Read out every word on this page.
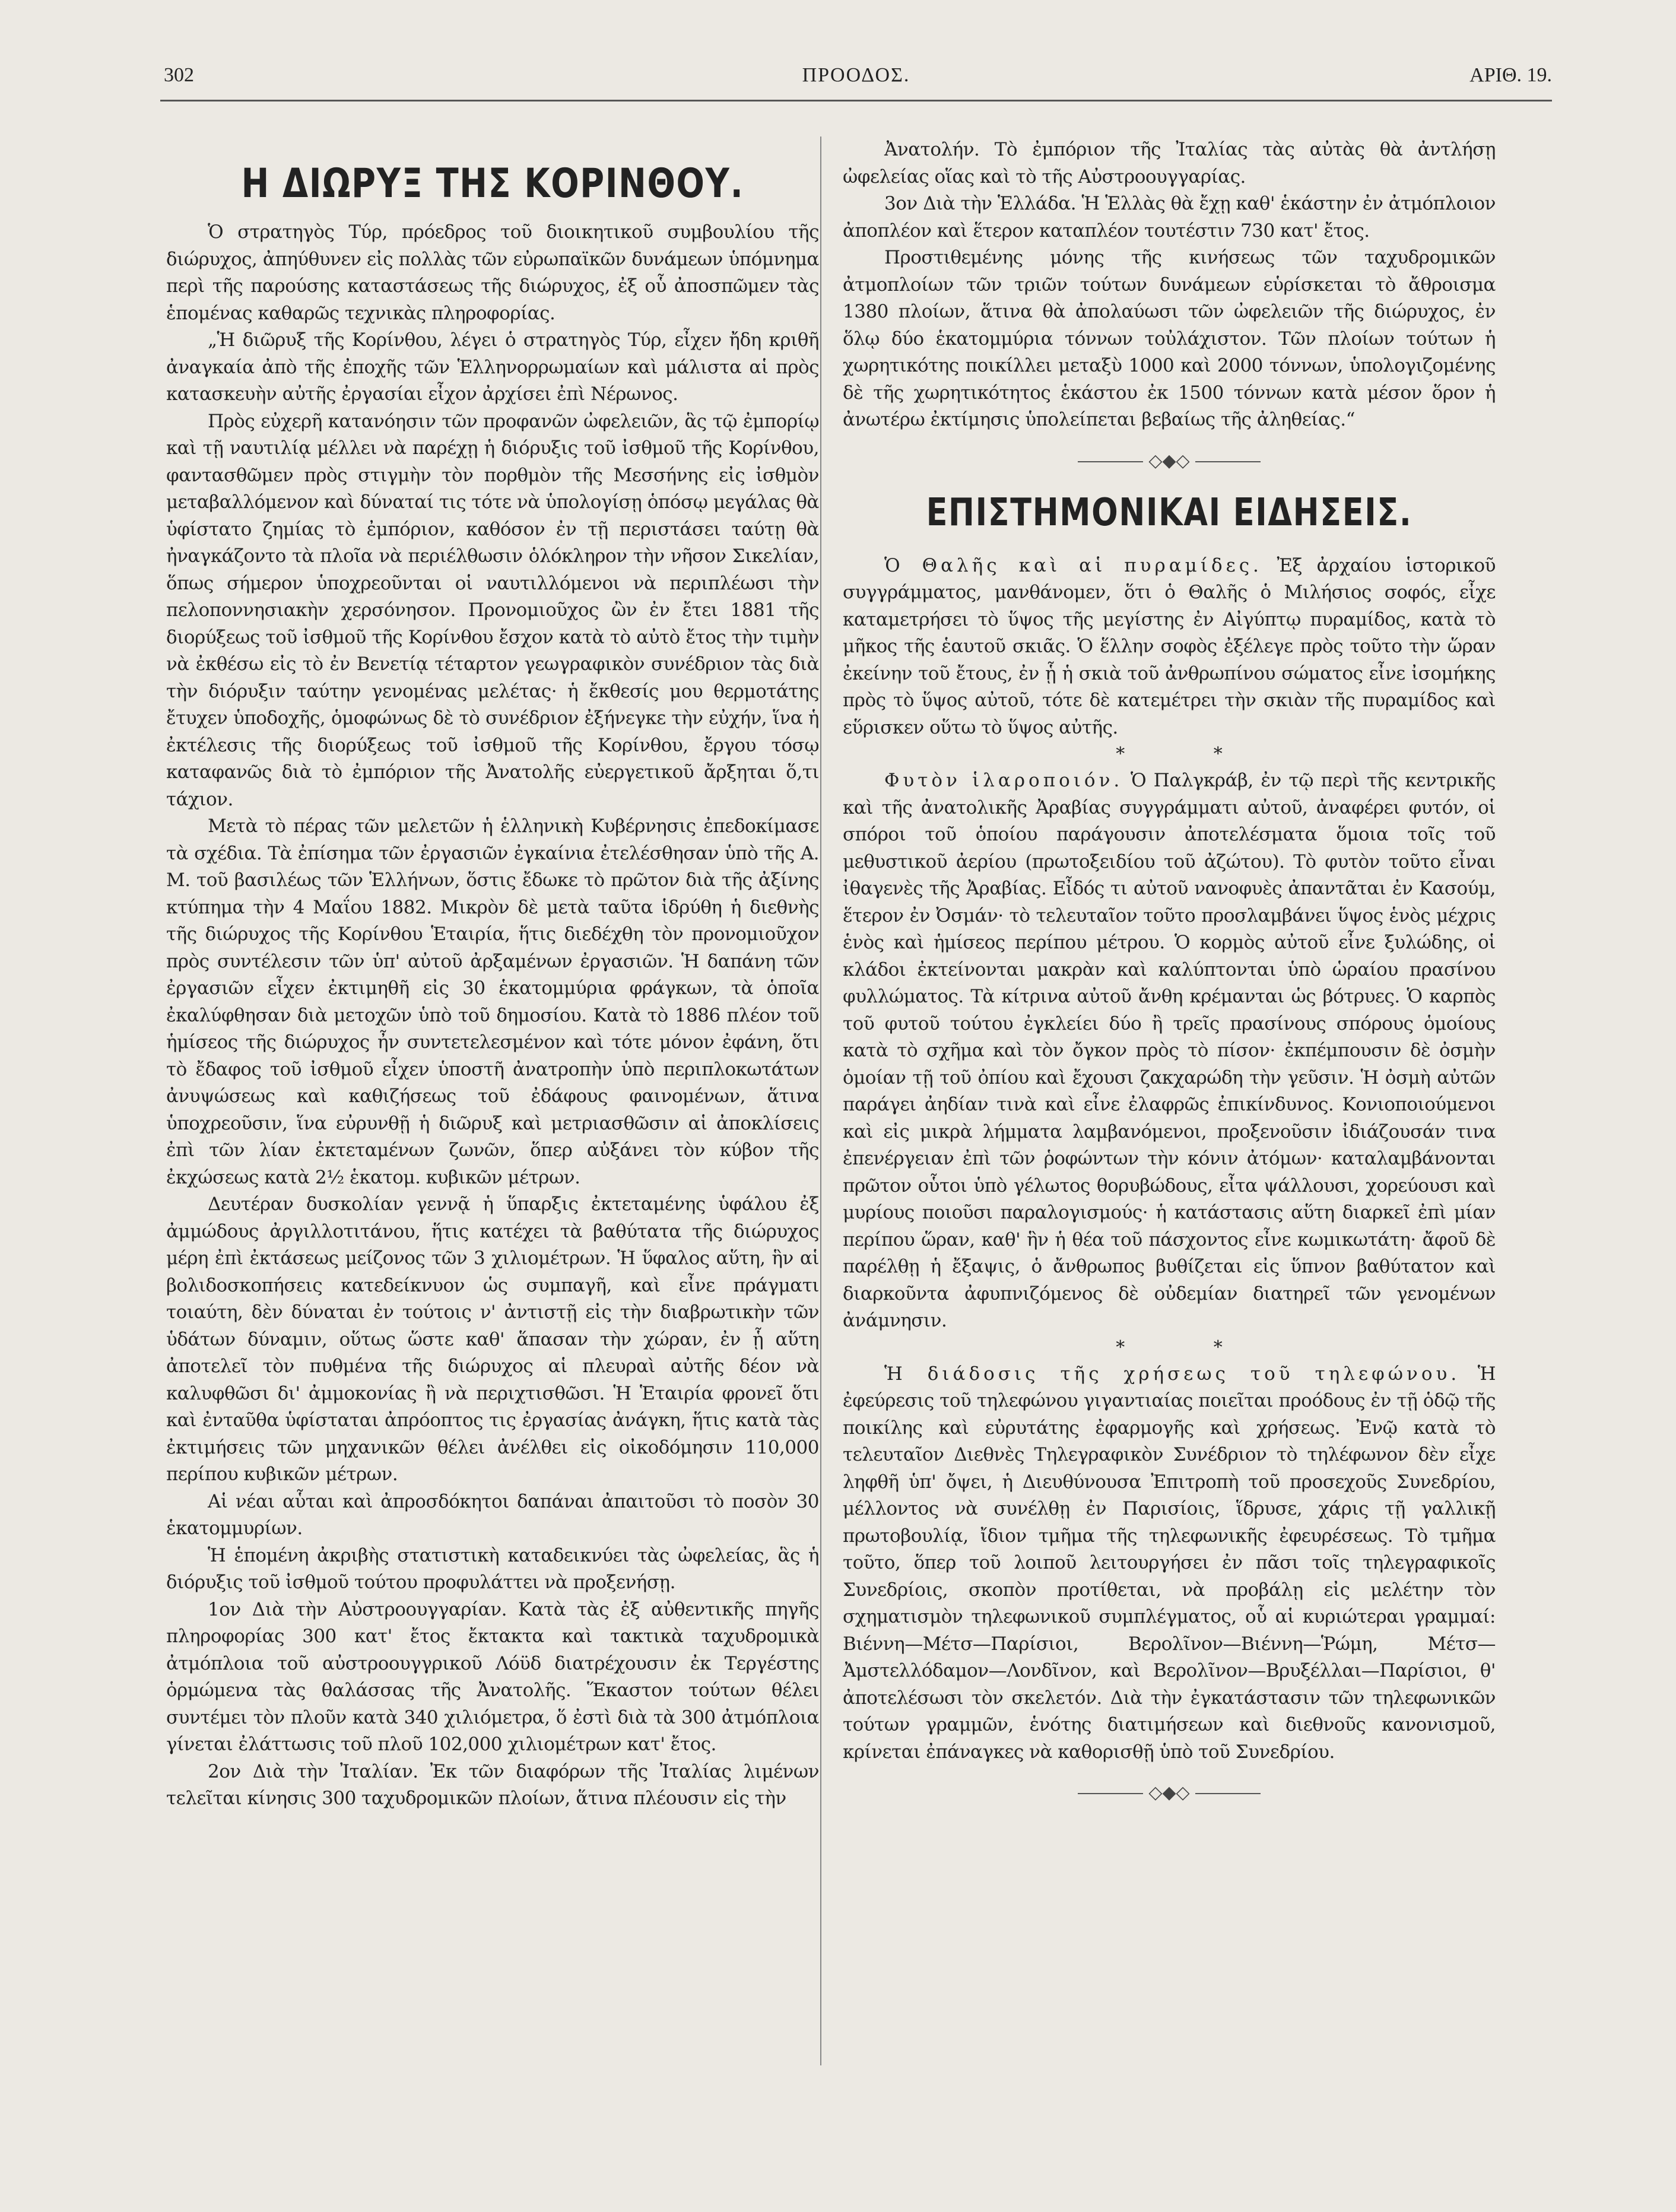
302	ΠΡΟΟΔΟΣ.	ΑΡΙΘ. 19.
Η ΔΙΩΡΥΞ ΤΗΣ ΚΟΡΙΝΘΟΥ.

Ὁ στρατηγὸς Τύρ, πρόεδρος τοῦ διοικητικοῦ συμβουλίου τῆς διώρυχος, ἀπηύθυνεν εἰς πολλὰς τῶν εὐρωπαϊκῶν δυνάμεων ὑπόμνημα περὶ τῆς παρούσης καταστάσεως τῆς διώρυχος, ἐξ οὗ ἀποσπῶμεν τὰς ἑπομένας καθαρῶς τεχνικὰς πληροφορίας.

„Ἡ διῶρυξ τῆς Κορίνθου, λέγει ὁ στρατηγὸς Τύρ, εἶχεν ἤδη κριθῆ ἀναγκαία ἀπὸ τῆς ἐποχῆς τῶν Ἑλληνορρωμαίων καὶ μάλιστα αἱ πρὸς κατασκευὴν αὐτῆς ἐργασίαι εἶχον ἀρχίσει ἐπὶ Νέρωνος.

Πρὸς εὐχερῆ κατανόησιν τῶν προφανῶν ὠφελειῶν, ἃς τῷ ἐμπορίῳ καὶ τῇ ναυτιλίᾳ μέλλει νὰ παρέχῃ ἡ διόρυξις τοῦ ἰσθμοῦ τῆς Κορίνθου, φαντασθῶμεν πρὸς στιγμὴν τὸν πορθμὸν τῆς Μεσσήνης εἰς ἰσθμὸν μεταβαλλόμενον καὶ δύναταί τις τότε νὰ ὑπολογίσῃ ὁπόσῳ μεγάλας θὰ ὑφίστατο ζημίας τὸ ἐμπόριον, καθόσον ἐν τῇ περιστάσει ταύτῃ θὰ ἠναγκάζοντο τὰ πλοῖα νὰ περιέλθωσιν ὁλόκληρον τὴν νῆσον Σικελίαν, ὅπως σήμερον ὑποχρεοῦνται οἱ ναυτιλλόμενοι νὰ περιπλέωσι τὴν πελοποννησιακὴν χερσόνησον. Προνομιοῦχος ὢν ἐν ἔτει 1881 τῆς διορύξεως τοῦ ἰσθμοῦ τῆς Κορίνθου ἔσχον κατὰ τὸ αὐτὸ ἔτος τὴν τιμὴν νὰ ἐκθέσω εἰς τὸ ἐν Βενετίᾳ τέταρτον γεωγραφικὸν συνέδριον τὰς διὰ τὴν διόρυξιν ταύτην γενομένας μελέτας· ἡ ἔκθεσίς μου θερμοτάτης ἔτυχεν ὑποδοχῆς, ὁμοφώνως δὲ τὸ συνέδριον ἐξήνεγκε τὴν εὐχήν, ἵνα ἡ ἐκτέλεσις τῆς διορύξεως τοῦ ἰσθμοῦ τῆς Κορίνθου, ἔργου τόσῳ καταφανῶς διὰ τὸ ἐμπόριον τῆς Ἀνατολῆς εὐεργετικοῦ ἄρξηται ὅ,τι τάχιον.

Μετὰ τὸ πέρας τῶν μελετῶν ἡ ἑλληνικὴ Κυβέρνησις ἐπεδοκίμασε τὰ σχέδια. Τὰ ἐπίσημα τῶν ἐργασιῶν ἐγκαίνια ἐτελέσθησαν ὑπὸ τῆς Α. Μ. τοῦ βασιλέως τῶν Ἑλλήνων, ὅστις ἔδωκε τὸ πρῶτον διὰ τῆς ἀξίνης κτύπημα τὴν 4 Μαΐου 1882. Μικρὸν δὲ μετὰ ταῦτα ἱδρύθη ἡ διεθνὴς τῆς διώρυχος τῆς Κορίνθου Ἑταιρία, ἥτις διεδέχθη τὸν προνομιοῦχον πρὸς συντέλεσιν τῶν ὑπ' αὐτοῦ ἀρξαμένων ἐργασιῶν. Ἡ δαπάνη τῶν ἐργασιῶν εἶχεν ἐκτιμηθῆ εἰς 30 ἑκατομμύρια φράγκων, τὰ ὁποῖα ἐκαλύφθησαν διὰ μετοχῶν ὑπὸ τοῦ δημοσίου. Κατὰ τὸ 1886 πλέον τοῦ ἡμίσεος τῆς διώρυχος ἦν συντετελεσμένον καὶ τότε μόνον ἐφάνη, ὅτι τὸ ἔδαφος τοῦ ἰσθμοῦ εἶχεν ὑποστῆ ἀνατροπὴν ὑπὸ περιπλοκωτάτων ἀνυψώσεως καὶ καθιζήσεως τοῦ ἐδάφους φαινομένων, ἅτινα ὑποχρεοῦσιν, ἵνα εὐρυνθῇ ἡ διῶρυξ καὶ μετριασθῶσιν αἱ ἀποκλίσεις ἐπὶ τῶν λίαν ἐκτεταμένων ζωνῶν, ὅπερ αὐξάνει τὸν κύβον τῆς ἐκχώσεως κατὰ 2½ ἑκατομ. κυβικῶν μέτρων.

Δευτέραν δυσκολίαν γεννᾷ ἡ ὕπαρξις ἐκτεταμένης ὑφάλου ἐξ ἀμμώδους ἀργιλλοτιτάνου, ἥτις κατέχει τὰ βαθύτατα τῆς διώρυχος μέρη ἐπὶ ἐκτάσεως μείζονος τῶν 3 χιλιομέτρων. Ἡ ὕφαλος αὕτη, ἣν αἱ βολιδοσκοπήσεις κατεδείκνυον ὡς συμπαγῆ, καὶ εἶνε πράγματι τοιαύτη, δὲν δύναται ἐν τούτοις ν' ἀντιστῇ εἰς τὴν διαβρωτικὴν τῶν ὑδάτων δύναμιν, οὕτως ὥστε καθ' ἅπασαν τὴν χώραν, ἐν ᾗ αὕτη ἀποτελεῖ τὸν πυθμένα τῆς διώρυχος αἱ πλευραὶ αὐτῆς δέον νὰ καλυφθῶσι δι' ἀμμοκονίας ἢ νὰ περιχτισθῶσι. Ἡ Ἑταιρία φρονεῖ ὅτι καὶ ἐνταῦθα ὑφίσταται ἀπρόοπτος τις ἐργασίας ἀνάγκη, ἥτις κατὰ τὰς ἐκτιμήσεις τῶν μηχανικῶν θέλει ἀνέλθει εἰς οἰκοδόμησιν 110,000 περίπου κυβικῶν μέτρων.

Αἱ νέαι αὗται καὶ ἀπροσδόκητοι δαπάναι ἀπαιτοῦσι τὸ ποσὸν 30 ἑκατομμυρίων.

Ἡ ἑπομένη ἀκριβὴς στατιστικὴ καταδεικνύει τὰς ὠφελείας, ἃς ἡ διόρυξις τοῦ ἰσθμοῦ τούτου προφυλάττει νὰ προξενήσῃ.

1ον Διὰ τὴν Αὐστροουγγαρίαν. Κατὰ τὰς ἐξ αὐθεντικῆς πηγῆς πληροφορίας 300 κατ' ἔτος ἔκτακτα καὶ τακτικὰ ταχυδρομικὰ ἀτμόπλοια τοῦ αὐστροουγγρικοῦ Λόϋδ διατρέχουσιν ἐκ Τεργέστης ὁρμώμενα τὰς θαλάσσας τῆς Ἀνατολῆς. Ἕκαστον τούτων θέλει συντέμει τὸν πλοῦν κατὰ 340 χιλιόμετρα, ὅ ἐστὶ διὰ τὰ 300 ἀτμόπλοια γίνεται ἐλάττωσις τοῦ πλοῦ 102,000 χιλιομέτρων κατ' ἔτος.

2ον Διὰ τὴν Ἰταλίαν. Ἐκ τῶν διαφόρων τῆς Ἰταλίας λιμένων τελεῖται κίνησις 300 ταχυδρομικῶν πλοίων, ἅτινα πλέουσιν εἰς τὴν

Ἀνατολήν. Τὸ ἐμπόριον τῆς Ἰταλίας τὰς αὐτὰς θὰ ἀντλήσῃ ὠφελείας οἵας καὶ τὸ τῆς Αὐστροουγγαρίας.

3ον Διὰ τὴν Ἑλλάδα. Ἡ Ἑλλὰς θὰ ἔχῃ καθ' ἑκάστην ἐν ἀτμόπλοιον ἀποπλέον καὶ ἕτερον καταπλέον τουτέστιν 730 κατ' ἔτος.

Προστιθεμένης μόνης τῆς κινήσεως τῶν ταχυδρομικῶν ἀτμοπλοίων τῶν τριῶν τούτων δυνάμεων εὑρίσκεται τὸ ἄθροισμα 1380 πλοίων, ἅτινα θὰ ἀπολαύωσι τῶν ὠφελειῶν τῆς διώρυχος, ἐν ὅλῳ δύο ἑκατομμύρια τόννων τοὐλάχιστον. Τῶν πλοίων τούτων ἡ χωρητικότης ποικίλλει μεταξὺ 1000 καὶ 2000 τόννων, ὑπολογιζομένης δὲ τῆς χωρητικότητος ἑκάστου ἐκ 1500 τόννων κατὰ μέσον ὅρον ἡ ἀνωτέρω ἐκτίμησις ὑπολείπεται βεβαίως τῆς ἀληθείας.“

◇◆◇
ΕΠΙΣΤΗΜΟΝΙΚΑΙ ΕΙΔΗΣΕΙΣ.

Ὁ Θαλῆς καὶ αἱ πυραμίδες. Ἐξ ἀρχαίου ἱστορικοῦ συγγράμματος, μανθάνομεν, ὅτι ὁ Θαλῆς ὁ Μιλήσιος σοφός, εἶχε καταμετρήσει τὸ ὕψος τῆς μεγίστης ἐν Αἰγύπτῳ πυραμίδος, κατὰ τὸ μῆκος τῆς ἑαυτοῦ σκιᾶς. Ὁ ἕλλην σοφὸς ἐξέλεγε πρὸς τοῦτο τὴν ὥραν ἐκείνην τοῦ ἔτους, ἐν ᾗ ἡ σκιὰ τοῦ ἀνθρωπίνου σώματος εἶνε ἰσομήκης πρὸς τὸ ὕψος αὐτοῦ, τότε δὲ κατεμέτρει τὴν σκιὰν τῆς πυραμίδος καὶ εὕρισκεν οὕτω τὸ ὕψος αὐτῆς.

* *

Φυτὸν ἱλαροποιόν. Ὁ Παλγκράβ, ἐν τῷ περὶ τῆς κεντρικῆς καὶ τῆς ἀνατολικῆς Ἀραβίας συγγράμματι αὐτοῦ, ἀναφέρει φυτόν, οἱ σπόροι τοῦ ὁποίου παράγουσιν ἀποτελέσματα ὅμοια τοῖς τοῦ μεθυστικοῦ ἀερίου (πρωτοξειδίου τοῦ ἀζώτου). Τὸ φυτὸν τοῦτο εἶναι ἰθαγενὲς τῆς Ἀραβίας. Εἶδός τι αὐτοῦ νανοφυὲς ἀπαντᾶται ἐν Κασούμ, ἕτερον ἐν Ὀσμάν· τὸ τελευταῖον τοῦτο προσλαμβάνει ὕψος ἑνὸς μέχρις ἑνὸς καὶ ἡμίσεος περίπου μέτρου. Ὁ κορμὸς αὐτοῦ εἶνε ξυλώδης, οἱ κλάδοι ἐκτείνονται μακρὰν καὶ καλύπτονται ὑπὸ ὡραίου πρασίνου φυλλώματος. Τὰ κίτρινα αὐτοῦ ἄνθη κρέμανται ὡς βότρυες. Ὁ καρπὸς τοῦ φυτοῦ τούτου ἐγκλείει δύο ἢ τρεῖς πρασίνους σπόρους ὁμοίους κατὰ τὸ σχῆμα καὶ τὸν ὄγκον πρὸς τὸ πίσον· ἐκπέμπουσιν δὲ ὀσμὴν ὁμοίαν τῇ τοῦ ὀπίου καὶ ἔχουσι ζακχαρώδη τὴν γεῦσιν. Ἡ ὀσμὴ αὐτῶν παράγει ἀηδίαν τινὰ καὶ εἶνε ἐλαφρῶς ἐπικίνδυνος. Κονιοποιούμενοι καὶ εἰς μικρὰ λήμματα λαμβανόμενοι, προξενοῦσιν ἰδιάζουσάν τινα ἐπενέργειαν ἐπὶ τῶν ῥοφώντων τὴν κόνιν ἀτόμων· καταλαμβάνονται πρῶτον οὗτοι ὑπὸ γέλωτος θορυβώδους, εἶτα ψάλλουσι, χορεύουσι καὶ μυρίους ποιοῦσι παραλογισμούς· ἡ κατάστασις αὕτη διαρκεῖ ἐπὶ μίαν περίπου ὥραν, καθ' ἣν ἡ θέα τοῦ πάσχοντος εἶνε κωμικωτάτη· ἄφοῦ δὲ παρέλθῃ ἡ ἔξαψις, ὁ ἄνθρωπος βυθίζεται εἰς ὕπνον βαθύτατον καὶ διαρκοῦντα ἀφυπνιζόμενος δὲ οὐδεμίαν διατηρεῖ τῶν γενομένων ἀνάμνησιν.

* *

Ἡ διάδοσις τῆς χρήσεως τοῦ τηλεφώνου. Ἡ ἐφεύρεσις τοῦ τηλεφώνου γιγαντιαίας ποιεῖται προόδους ἐν τῇ ὁδῷ τῆς ποικίλης καὶ εὐρυτάτης ἐφαρμογῆς καὶ χρήσεως. Ἐνῷ κατὰ τὸ τελευταῖον Διεθνὲς Τηλεγραφικὸν Συνέδριον τὸ τηλέφωνον δὲν εἶχε ληφθῆ ὑπ' ὄψει, ἡ Διευθύνουσα Ἐπιτροπὴ τοῦ προσεχοῦς Συνεδρίου, μέλλοντος νὰ συνέλθῃ ἐν Παρισίοις, ἵδρυσε, χάρις τῇ γαλλικῇ πρωτοβουλίᾳ, ἴδιον τμῆμα τῆς τηλεφωνικῆς ἐφευρέσεως. Τὸ τμῆμα τοῦτο, ὅπερ τοῦ λοιποῦ λειτουργήσει ἐν πᾶσι τοῖς τηλεγραφικοῖς Συνεδρίοις, σκοπὸν προτίθεται, νὰ προβάλῃ εἰς μελέτην τὸν σχηματισμὸν τηλεφωνικοῦ συμπλέγματος, οὗ αἱ κυριώτεραι γραμμαί: Βιέννη—Μέτσ—Παρίσιοι, Βερολῖνον—Βιέννη—Ῥώμη, Μέτσ—Ἀμστελλόδαμον—Λονδῖνον, καὶ Βερολῖνον—Βρυξέλλαι—Παρίσιοι, θ' ἀποτελέσωσι τὸν σκελετόν. Διὰ τὴν ἐγκατάστασιν τῶν τηλεφωνικῶν τούτων γραμμῶν, ἑνότης διατιμήσεων καὶ διεθνοῦς κανονισμοῦ, κρίνεται ἐπάναγκες νὰ καθορισθῇ ὑπὸ τοῦ Συνεδρίου.

◇◆◇
